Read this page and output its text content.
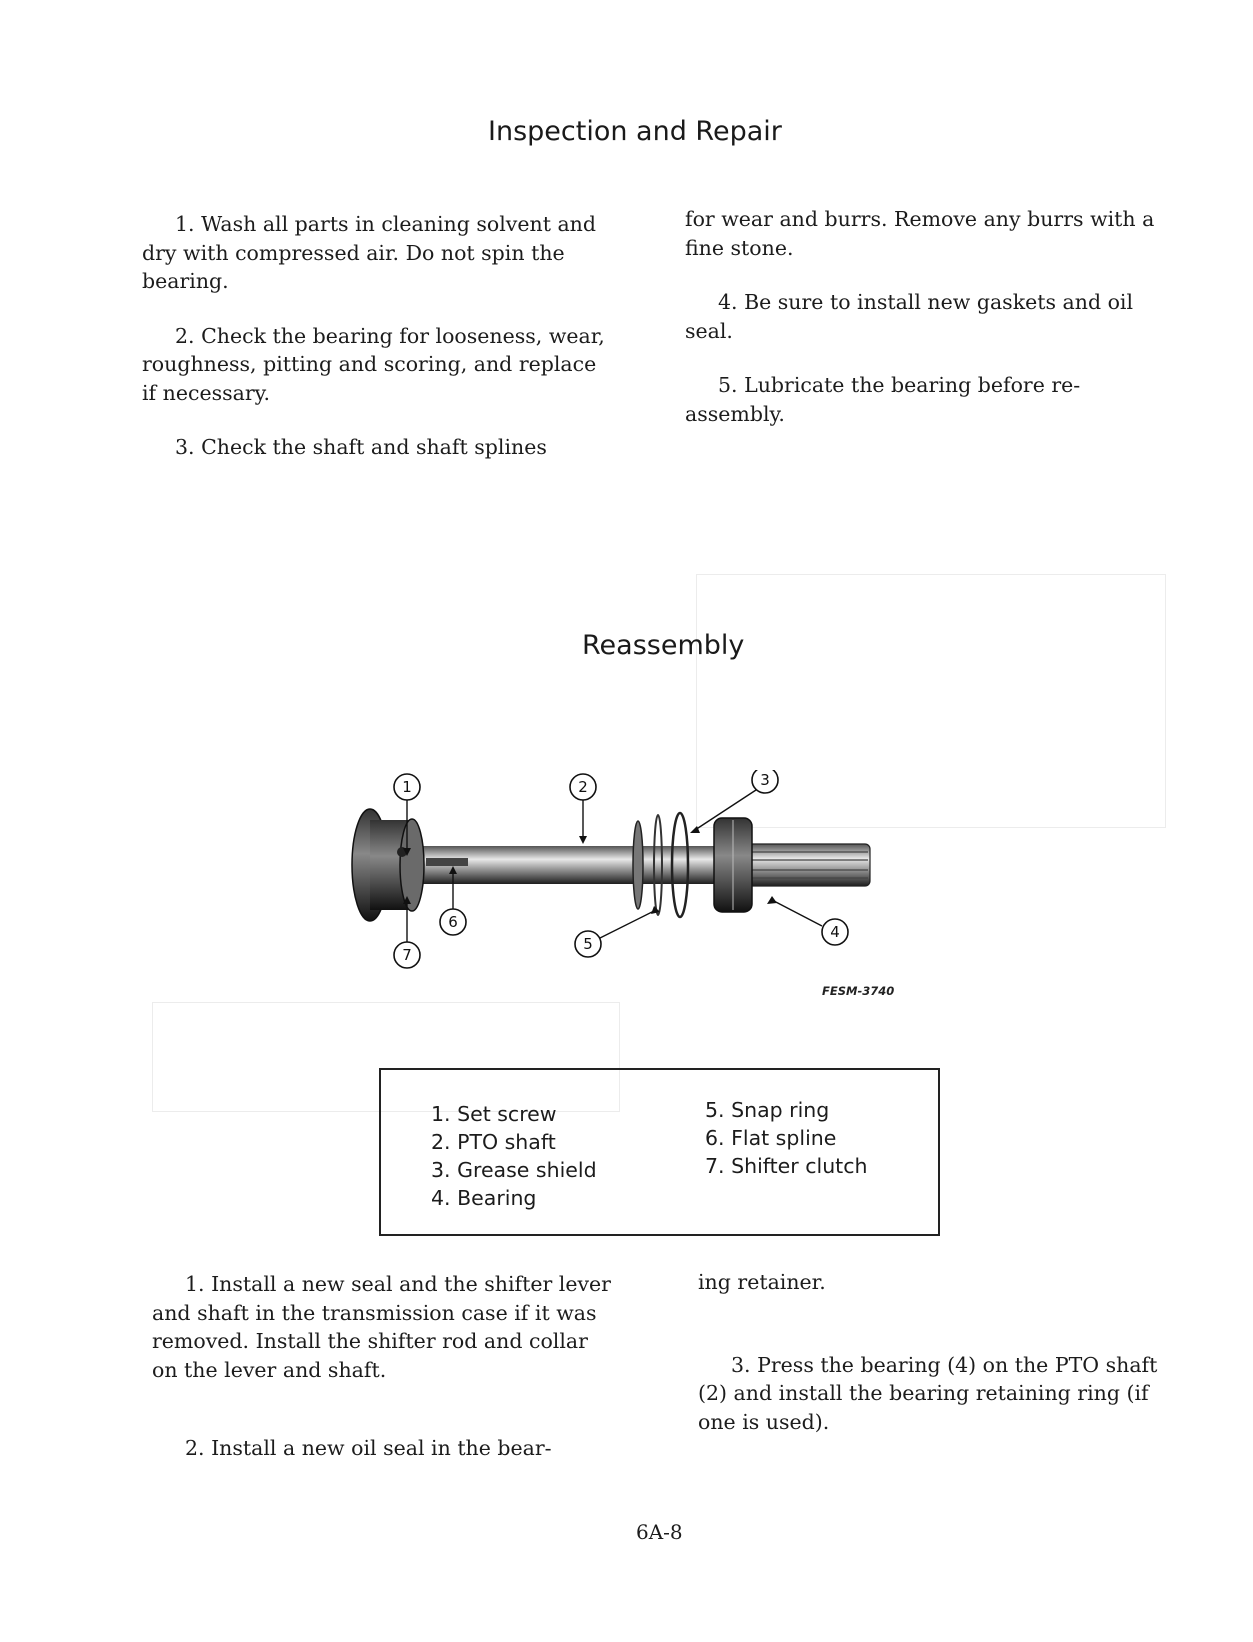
Inspection and Repair

1. Wash all parts in cleaning solvent and dry with compressed air. Do not spin the bearing.

2. Check the bearing for looseness, wear, roughness, pitting and scoring, and replace if necessary.

3. Check the shaft and shaft splines

for wear and burrs. Remove any burrs with a fine stone.

4. Be sure to install new gaskets and oil seal.

5. Lubricate the bearing before re-assembly.

Reassembly
1	2	3
4
5
6
7
FESM-3740
1. Set screw
2. PTO shaft
3. Grease shield
4. Bearing
5. Snap ring
6. Flat spline
7. Shifter clutch

1. Install a new seal and the shifter lever and shaft in the transmission case if it was removed. Install the shifter rod and collar on the lever and shaft.

2. Install a new oil seal in the bear-

ing retainer.

3. Press the bearing (4) on the PTO shaft (2) and install the bearing retaining ring (if one is used).

6A-8
